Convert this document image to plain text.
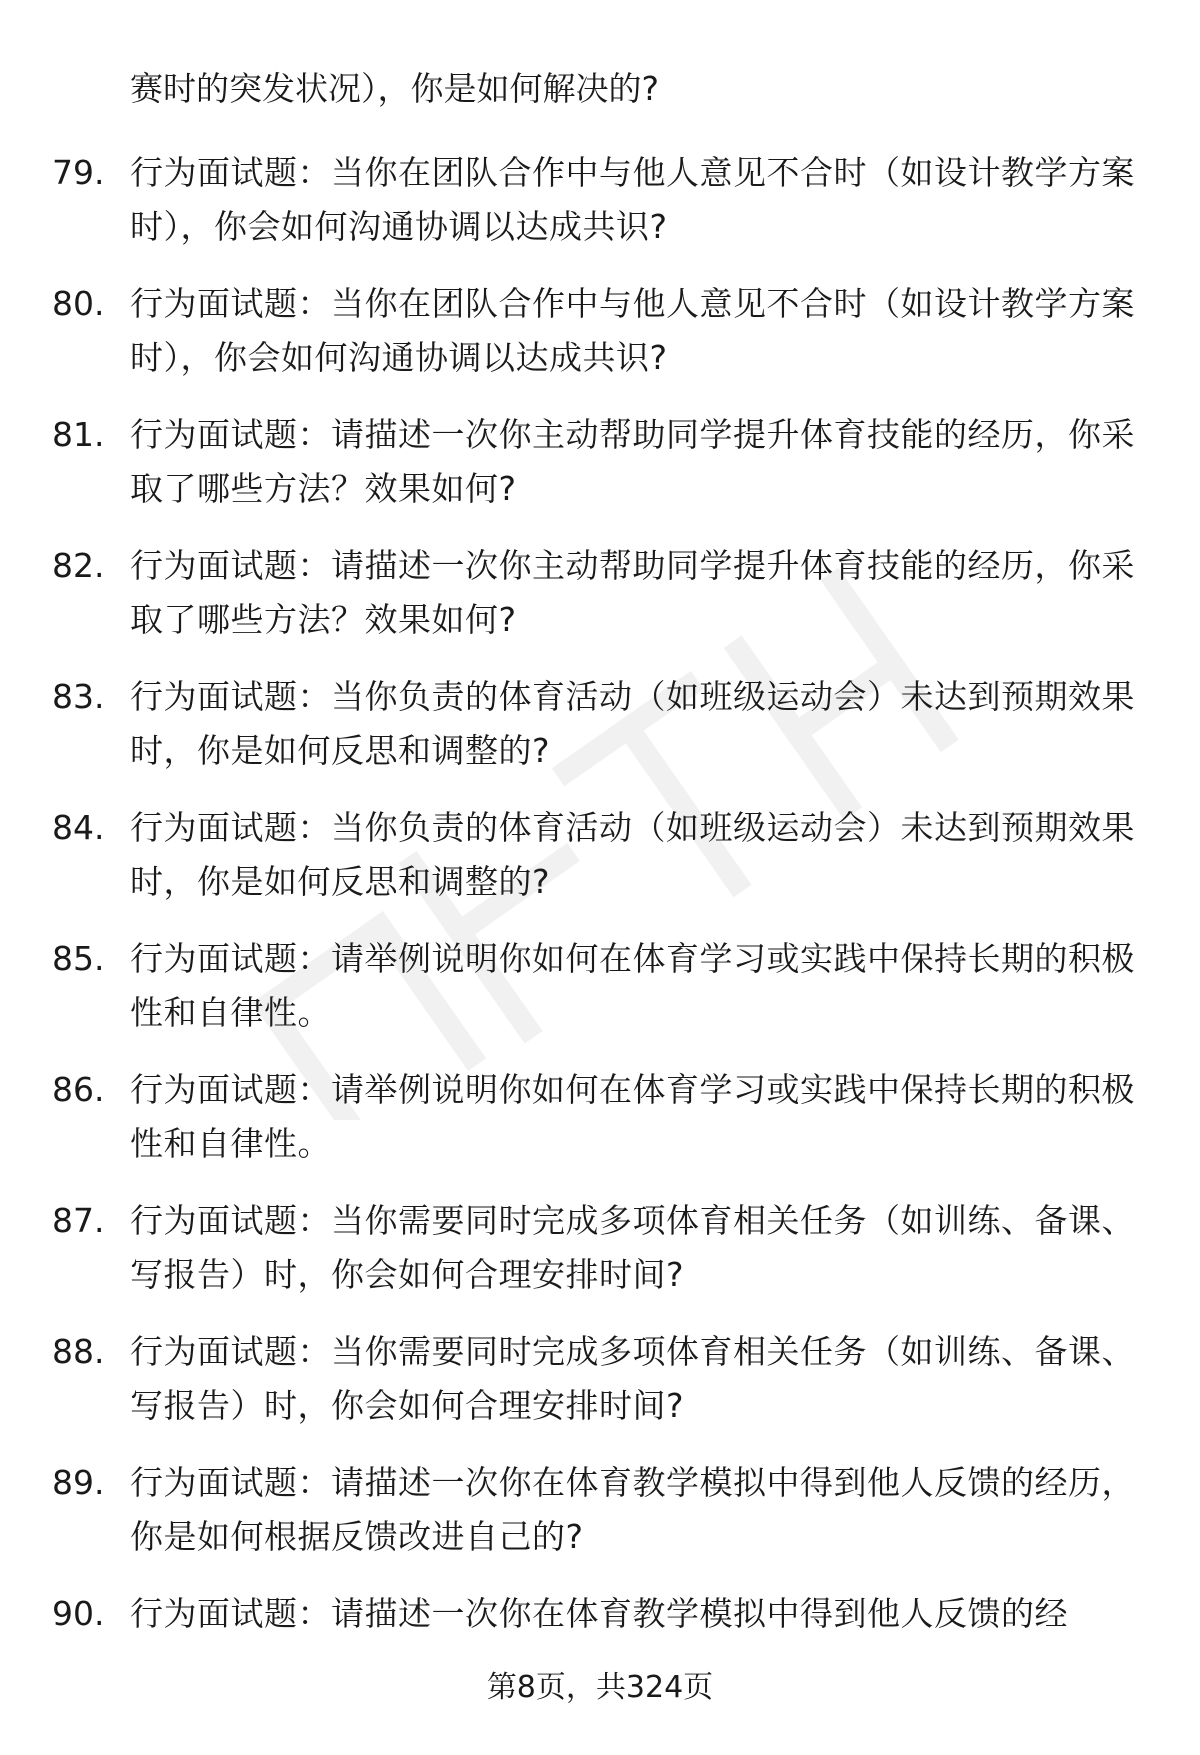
赛时的突发状况），你是如何解决的?
79. 行为面试题：当你在团队合作中与他人意见不合时（如设计教学方案时），你会如何沟通协调以达成共识?
80. 行为面试题：当你在团队合作中与他人意见不合时（如设计教学方案时），你会如何沟通协调以达成共识?
81. 行为面试题：请描述一次你主动帮助同学提升体育技能的经历，你采取了哪些方法？效果如何?
82. 行为面试题：请描述一次你主动帮助同学提升体育技能的经历，你采取了哪些方法？效果如何?
83. 行为面试题：当你负责的体育活动（如班级运动会）未达到预期效果时，你是如何反思和调整的?
84. 行为面试题：当你负责的体育活动（如班级运动会）未达到预期效果时，你是如何反思和调整的?
85. 行为面试题：请举例说明你如何在体育学习或实践中保持长期的积极性和自律性。
86. 行为面试题：请举例说明你如何在体育学习或实践中保持长期的积极性和自律性。
87. 行为面试题：当你需要同时完成多项体育相关任务（如训练、备课、写报告）时，你会如何合理安排时间?
88. 行为面试题：当你需要同时完成多项体育相关任务（如训练、备课、写报告）时，你会如何合理安排时间?
89. 行为面试题：请描述一次你在体育教学模拟中得到他人反馈的经历，你是如何根据反馈改进自己的?
90. 行为面试题：请描述一次你在体育教学模拟中得到他人反馈的经
第8页，共324页
